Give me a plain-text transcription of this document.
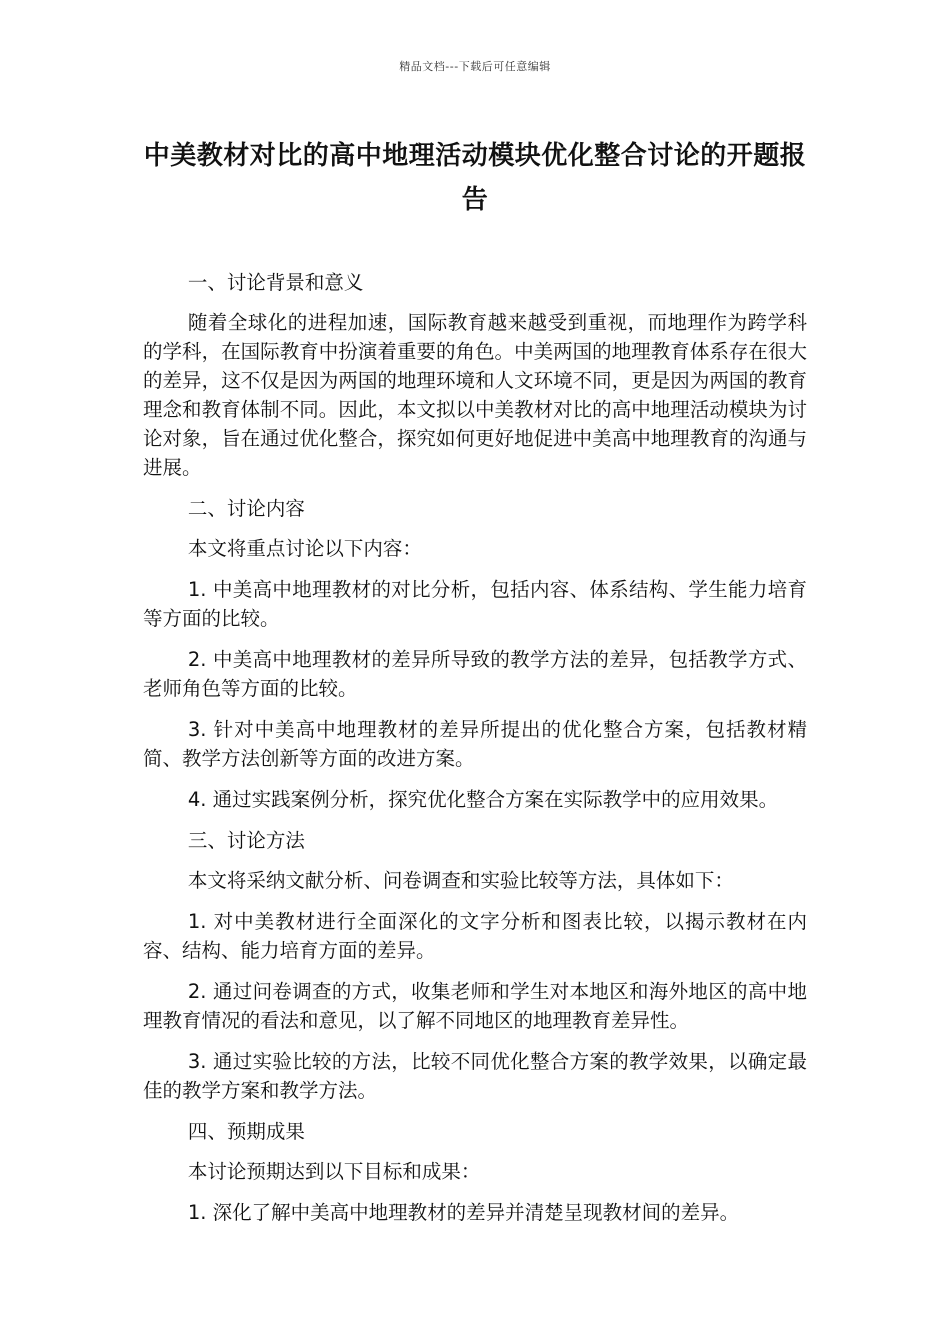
精品文档---下载后可任意编辑
中美教材对比的高中地理活动模块优化整合讨论的开题报告

一、讨论背景和意义

随着全球化的进程加速，国际教育越来越受到重视，而地理作为跨学科的学科，在国际教育中扮演着重要的角色。中美两国的地理教育体系存在很大的差异，这不仅是因为两国的地理环境和人文环境不同，更是因为两国的教育理念和教育体制不同。因此，本文拟以中美教材对比的高中地理活动模块为讨论对象，旨在通过优化整合，探究如何更好地促进中美高中地理教育的沟通与进展。

二、讨论内容

本文将重点讨论以下内容：

1. 中美高中地理教材的对比分析，包括内容、体系结构、学生能力培育等方面的比较。

2. 中美高中地理教材的差异所导致的教学方法的差异，包括教学方式、老师角色等方面的比较。

3. 针对中美高中地理教材的差异所提出的优化整合方案，包括教材精简、教学方法创新等方面的改进方案。

4. 通过实践案例分析，探究优化整合方案在实际教学中的应用效果。

三、讨论方法

本文将采纳文献分析、问卷调查和实验比较等方法，具体如下：

1. 对中美教材进行全面深化的文字分析和图表比较，以揭示教材在内容、结构、能力培育方面的差异。

2. 通过问卷调查的方式，收集老师和学生对本地区和海外地区的高中地理教育情况的看法和意见，以了解不同地区的地理教育差异性。

3. 通过实验比较的方法，比较不同优化整合方案的教学效果，以确定最佳的教学方案和教学方法。

四、预期成果

本讨论预期达到以下目标和成果：

1. 深化了解中美高中地理教材的差异并清楚呈现教材间的差异。
